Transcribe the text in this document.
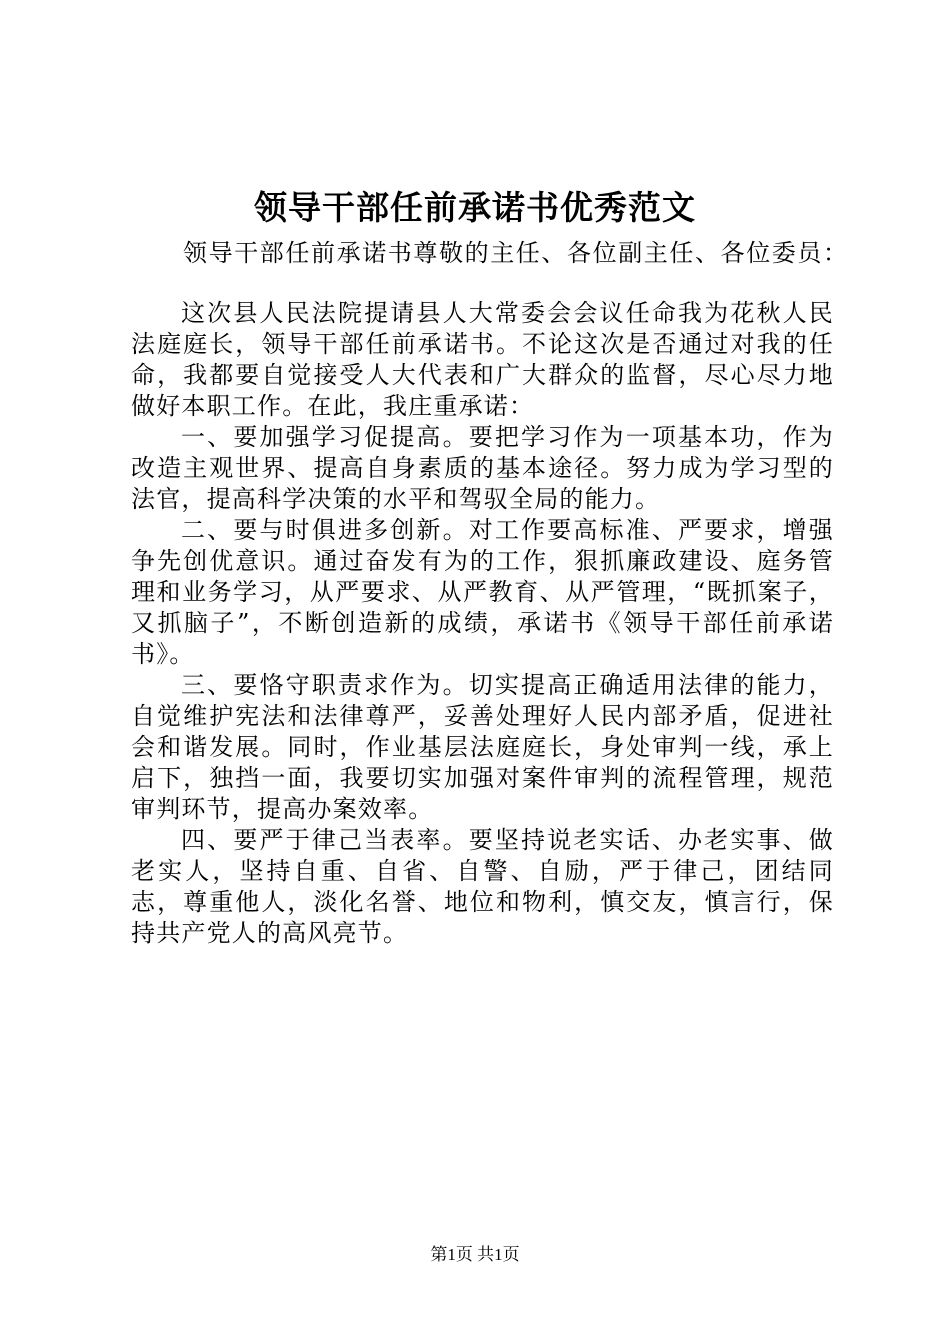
领导干部任前承诺书优秀范文

领导干部任前承诺书尊敬的主任、各位副主任、各位委员：

这次县人民法院提请县人大常委会会议任命我为花秋人民法庭庭长，领导干部任前承诺书。不论这次是否通过对我的任命，我都要自觉接受人大代表和广大群众的监督，尽心尽力地做好本职工作。在此，我庄重承诺：

一、要加强学习促提高。要把学习作为一项基本功，作为改造主观世界、提高自身素质的基本途径。努力成为学习型的法官，提高科学决策的水平和驾驭全局的能力。

二、要与时俱进多创新。对工作要高标准、严要求，增强争先创优意识。通过奋发有为的工作，狠抓廉政建设、庭务管理和业务学习，从严要求、从严教育、从严管理，“既抓案子，又抓脑子”，不断创造新的成绩，承诺书《领导干部任前承诺书》。

三、要恪守职责求作为。切实提高正确适用法律的能力，自觉维护宪法和法律尊严，妥善处理好人民内部矛盾，促进社会和谐发展。同时，作业基层法庭庭长，身处审判一线，承上启下，独挡一面，我要切实加强对案件审判的流程管理，规范审判环节，提高办案效率。

四、要严于律己当表率。要坚持说老实话、办老实事、做老实人，坚持自重、自省、自警、自励，严于律己，团结同志，尊重他人，淡化名誉、地位和物利，慎交友，慎言行，保持共产党人的高风亮节。

第1页 共1页
